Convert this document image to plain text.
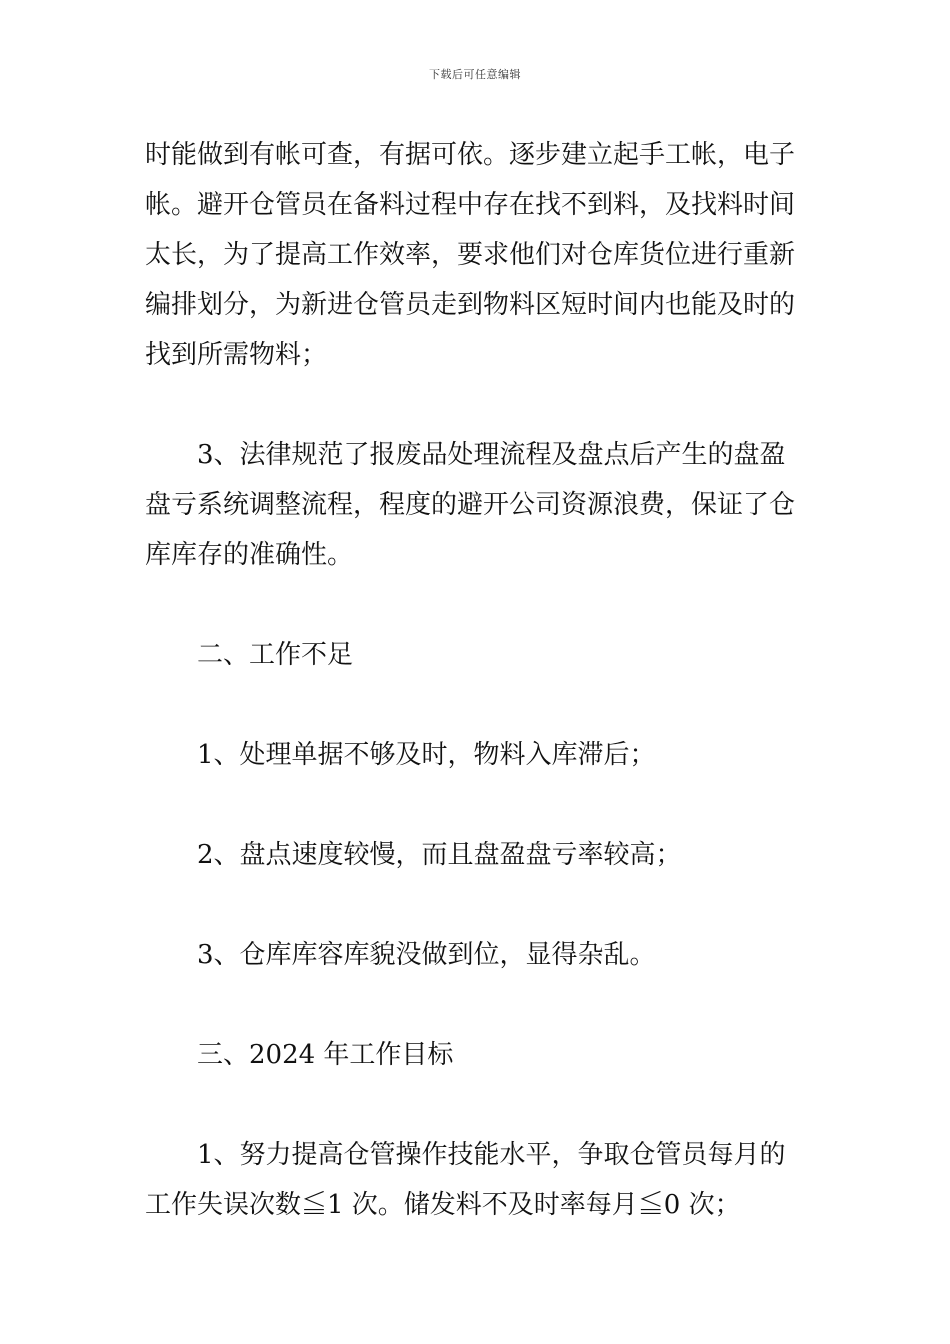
下载后可任意编辑

时能做到有帐可查，有据可依。逐步建立起手工帐，电子帐。避开仓管员在备料过程中存在找不到料，及找料时间太长，为了提高工作效率，要求他们对仓库货位进行重新编排划分，为新进仓管员走到物料区短时间内也能及时的找到所需物料；

3、法律规范了报废品处理流程及盘点后产生的盘盈盘亏系统调整流程，程度的避开公司资源浪费，保证了仓库库存的准确性。

二、工作不足

1、处理单据不够及时，物料入库滞后；

2、盘点速度较慢，而且盘盈盘亏率较高；

3、仓库库容库貌没做到位，显得杂乱。

三、2024 年工作目标

1、努力提高仓管操作技能水平，争取仓管员每月的工作失误次数≦1 次。储发料不及时率每月≦0 次；
